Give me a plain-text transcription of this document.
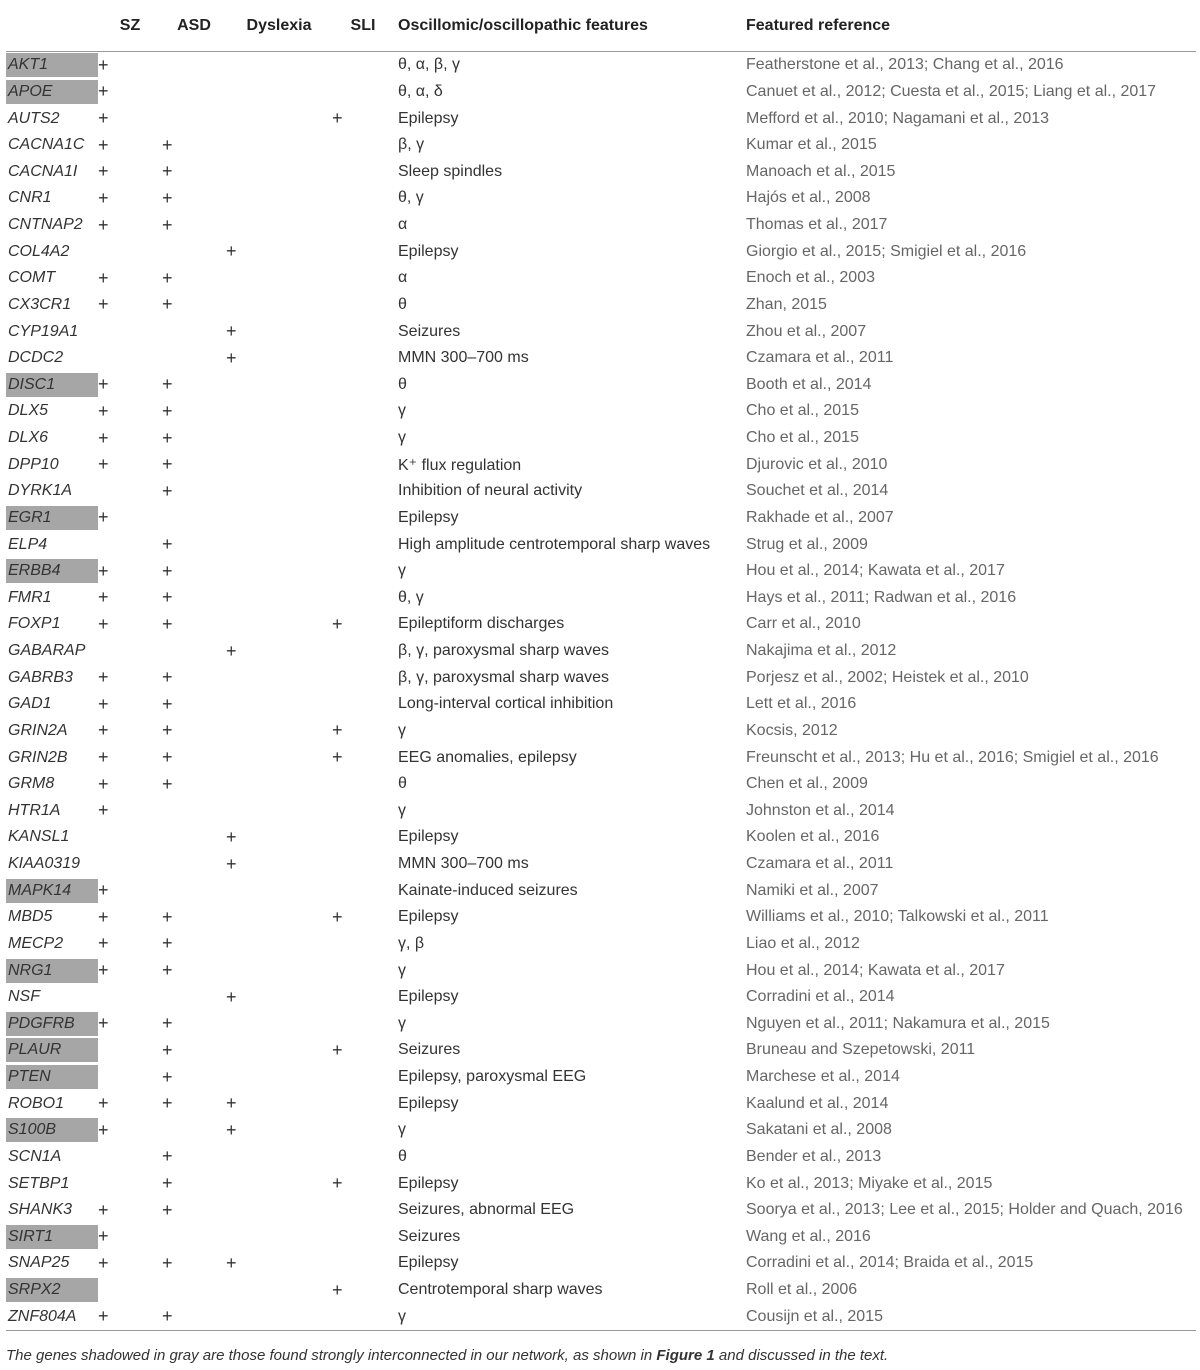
	SZ	ASD	Dyslexia	SLI	Oscillomic/oscillopathic features	Featured reference

AKT1	+				θ, α, β, γ	Featherstone et al., 2013; Chang et al., 2016

APOE	+				θ, α, δ	Canuet et al., 2012; Cuesta et al., 2015; Liang et al., 2017

AUTS2	+			+	Epilepsy	Mefford et al., 2010; Nagamani et al., 2013

CACNA1C	+	+			β, γ	Kumar et al., 2015

CACNA1I	+	+			Sleep spindles	Manoach et al., 2015

CNR1	+	+			θ, γ	Hajós et al., 2008

CNTNAP2	+	+			α	Thomas et al., 2017

COL4A2			+		Epilepsy	Giorgio et al., 2015; Smigiel et al., 2016

COMT	+	+			α	Enoch et al., 2003

CX3CR1	+	+			θ	Zhan, 2015

CYP19A1			+		Seizures	Zhou et al., 2007

DCDC2			+		MMN 300–700 ms	Czamara et al., 2011

DISC1	+	+			θ	Booth et al., 2014

DLX5	+	+			γ	Cho et al., 2015

DLX6	+	+			γ	Cho et al., 2015

DPP10	+	+			K⁺ flux regulation	Djurovic et al., 2010

DYRK1A		+			Inhibition of neural activity	Souchet et al., 2014

EGR1	+				Epilepsy	Rakhade et al., 2007

ELP4		+			High amplitude centrotemporal sharp waves	Strug et al., 2009

ERBB4	+	+			γ	Hou et al., 2014; Kawata et al., 2017

FMR1	+	+			θ, γ	Hays et al., 2011; Radwan et al., 2016

FOXP1	+	+		+	Epileptiform discharges	Carr et al., 2010

GABARAP			+		β, γ, paroxysmal sharp waves	Nakajima et al., 2012

GABRB3	+	+			β, γ, paroxysmal sharp waves	Porjesz et al., 2002; Heistek et al., 2010

GAD1	+	+			Long-interval cortical inhibition	Lett et al., 2016

GRIN2A	+	+		+	γ	Kocsis, 2012

GRIN2B	+	+		+	EEG anomalies, epilepsy	Freunscht et al., 2013; Hu et al., 2016; Smigiel et al., 2016

GRM8	+	+			θ	Chen et al., 2009

HTR1A	+				γ	Johnston et al., 2014

KANSL1			+		Epilepsy	Koolen et al., 2016

KIAA0319			+		MMN 300–700 ms	Czamara et al., 2011

MAPK14	+				Kainate-induced seizures	Namiki et al., 2007

MBD5	+	+		+	Epilepsy	Williams et al., 2010; Talkowski et al., 2011

MECP2	+	+			γ, β	Liao et al., 2012

NRG1	+	+			γ	Hou et al., 2014; Kawata et al., 2017

NSF			+		Epilepsy	Corradini et al., 2014

PDGFRB	+	+			γ	Nguyen et al., 2011; Nakamura et al., 2015

PLAUR		+		+	Seizures	Bruneau and Szepetowski, 2011

PTEN		+			Epilepsy, paroxysmal EEG	Marchese et al., 2014

ROBO1	+	+	+		Epilepsy	Kaalund et al., 2014

S100B	+		+		γ	Sakatani et al., 2008

SCN1A		+			θ	Bender et al., 2013

SETBP1		+		+	Epilepsy	Ko et al., 2013; Miyake et al., 2015

SHANK3	+	+			Seizures, abnormal EEG	Soorya et al., 2013; Lee et al., 2015; Holder and Quach, 2016

SIRT1	+				Seizures	Wang et al., 2016

SNAP25	+	+	+		Epilepsy	Corradini et al., 2014; Braida et al., 2015

SRPX2				+	Centrotemporal sharp waves	Roll et al., 2006

ZNF804A	+	+			γ	Cousijn et al., 2015
The genes shadowed in gray are those found strongly interconnected in our network, as shown in Figure 1 and discussed in the text.
